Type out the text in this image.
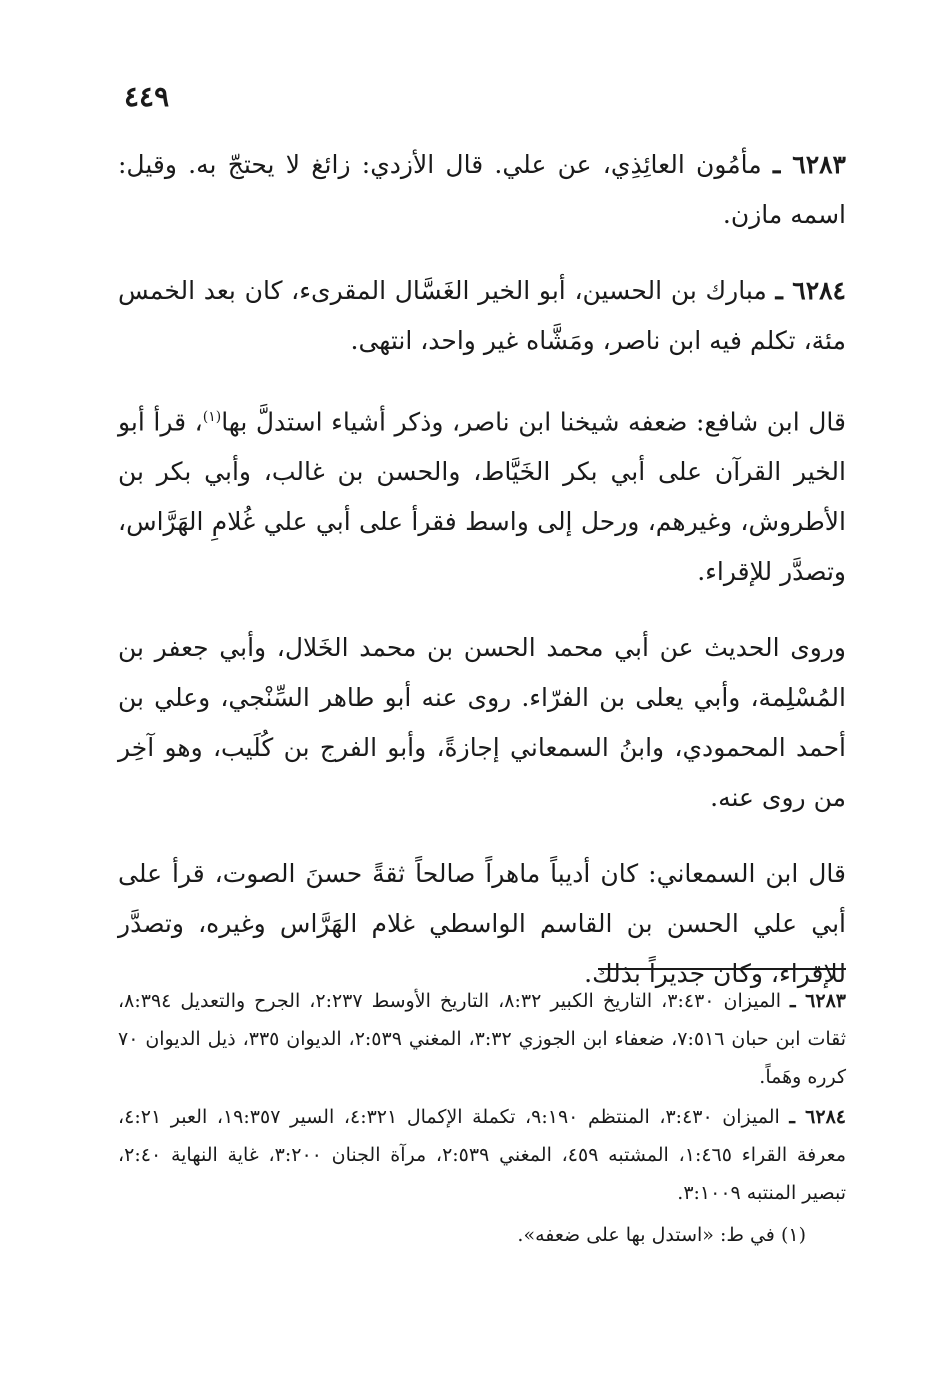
٤٤٩

٦٢٨٣ ـ مأمُون العائِذِي، عن علي. قال الأزدي: زائغ لا يحتجّ به. وقيل: اسمه مازن.

٦٢٨٤ ـ مبارك بن الحسين، أبو الخير الغَسَّال المقرىء، كان بعد الخمس مئة، تكلم فيه ابن ناصر، ومَشَّاه غير واحد، انتهى.

قال ابن شافع: ضعفه شيخنا ابن ناصر، وذكر أشياء استدلَّ بها$^{(١)}$، قرأ أبو الخير القرآن على أبي بكر الخَيَّاط، والحسن بن غالب، وأبي بكر بن الأطروش، وغيرهم، ورحل إلى واسط فقرأ على أبي علي غُلامِ الهَرَّاس، وتصدَّر للإقراء.

وروى الحديث عن أبي محمد الحسن بن محمد الخَلال، وأبي جعفر بن المُسْلِمة، وأبي يعلى بن الفرّاء. روى عنه أبو طاهر السِّنْجي، وعلي بن أحمد المحمودي، وابنُ السمعاني إجازةً، وأبو الفرج بن كُلَيب، وهو آخِر من روى عنه.

قال ابن السمعاني: كان أديباً ماهراً صالحاً ثقةً حسنَ الصوت، قرأ على أبي علي الحسن بن القاسم الواسطي غلام الهَرَّاس وغيره، وتصدَّر للإقراء، وكان جديراً بذلك.

٦٢٨٣ ـ الميزان ٣:٤٣٠، التاريخ الكبير ٨:٣٢، التاريخ الأوسط ٢:٢٣٧، الجرح والتعديل ٨:٣٩٤، ثقات ابن حبان ٧:٥١٦، ضعفاء ابن الجوزي ٣:٣٢، المغني ٢:٥٣٩، الديوان ٣٣٥، ذيل الديوان ٧٠ كرره وهَماً.

٦٢٨٤ ـ الميزان ٣:٤٣٠، المنتظم ٩:١٩٠، تكملة الإكمال ٤:٣٢١، السير ١٩:٣٥٧، العبر ٤:٢١، معرفة القراء ١:٤٦٥، المشتبه ٤٥٩، المغني ٢:٥٣٩، مرآة الجنان ٣:٢٠٠، غاية النهاية ٢:٤٠، تبصير المنتبه ٣:١٠٠٩.

(١) في ط: «استدل بها على ضعفه».
